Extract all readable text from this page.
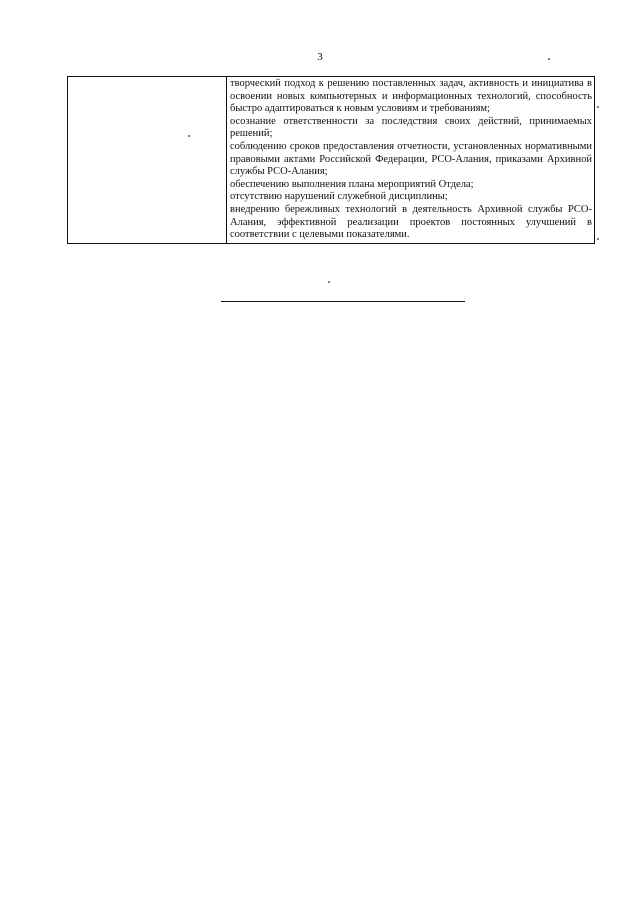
3

творческий подход к решению поставленных задач, активность и инициатива в освоении новых компьютерных и информационных технологий, способность быстро адаптироваться к новым условиям и требованиям;

осознание ответственности за последствия своих действий, принимаемых решений;

соблюдению сроков предоставления отчетности, установленных нормативными правовыми актами Российской Федерации, РСО-Алания, приказами Архивной службы РСО-Алания;

обеспечению выполнения плана мероприятий Отдела;

отсутствию нарушений служебной дисциплины;

внедрению бережливых технологий в деятельность Архивной службы РСО-Алания, эффективной реализации проектов постоянных улучшений в соответствии с целевыми показателями.
